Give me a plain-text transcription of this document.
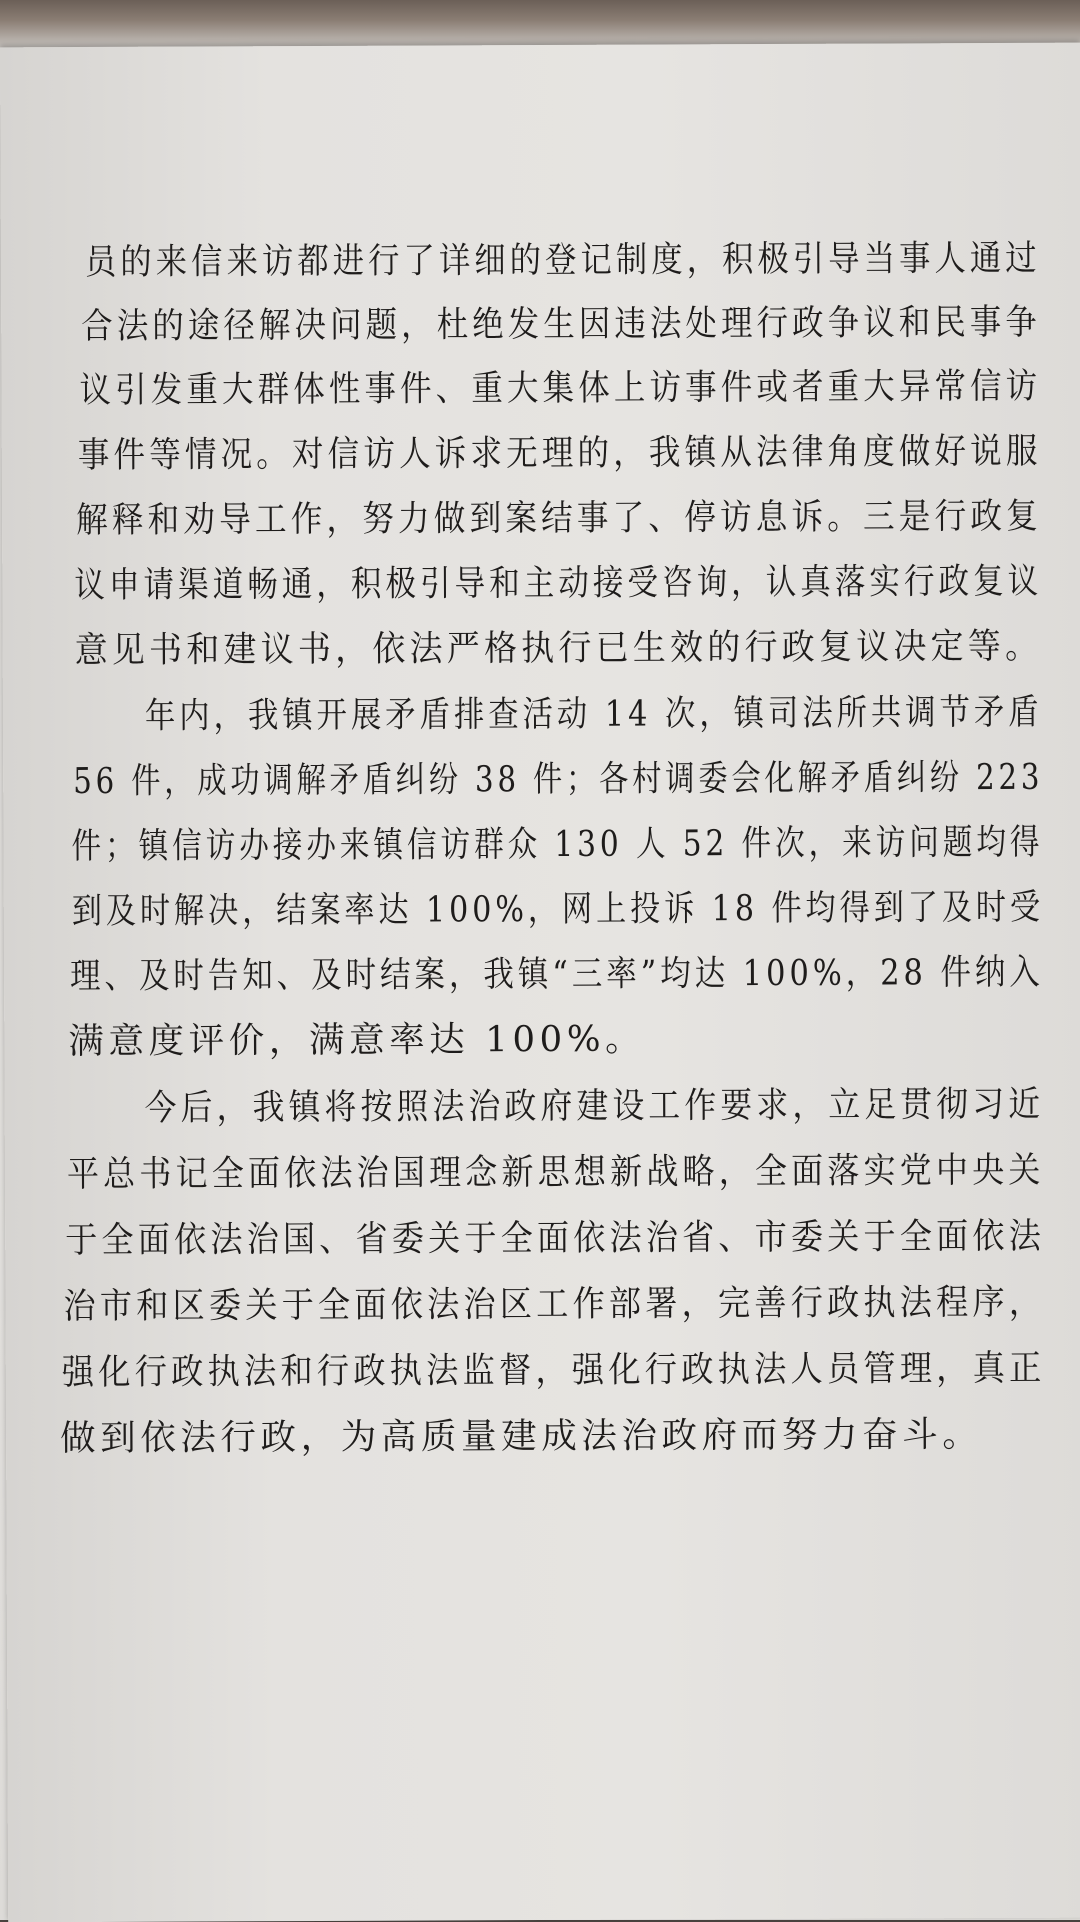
员的来信来访都进行了详细的登记制度，积极引导当事人通过
合法的途径解决问题，杜绝发生因违法处理行政争议和民事争
议引发重大群体性事件、重大集体上访事件或者重大异常信访
事件等情况。对信访人诉求无理的，我镇从法律角度做好说服
解释和劝导工作，努力做到案结事了、停访息诉。三是行政复
议申请渠道畅通，积极引导和主动接受咨询，认真落实行政复议
意见书和建议书，依法严格执行已生效的行政复议决定等。
年内，我镇开展矛盾排查活动 14 次，镇司法所共调节矛盾
56 件，成功调解矛盾纠纷 38 件；各村调委会化解矛盾纠纷 223
件；镇信访办接办来镇信访群众 130 人 52 件次，来访问题均得
到及时解决，结案率达 100%，网上投诉 18 件均得到了及时受
理、及时告知、及时结案，我镇“三率”均达 100%，28 件纳入
满意度评价，满意率达 100%。
今后，我镇将按照法治政府建设工作要求，立足贯彻习近
平总书记全面依法治国理念新思想新战略，全面落实党中央关
于全面依法治国、省委关于全面依法治省、市委关于全面依法
治市和区委关于全面依法治区工作部署，完善行政执法程序，
强化行政执法和行政执法监督，强化行政执法人员管理，真正
做到依法行政，为高质量建成法治政府而努力奋斗。
